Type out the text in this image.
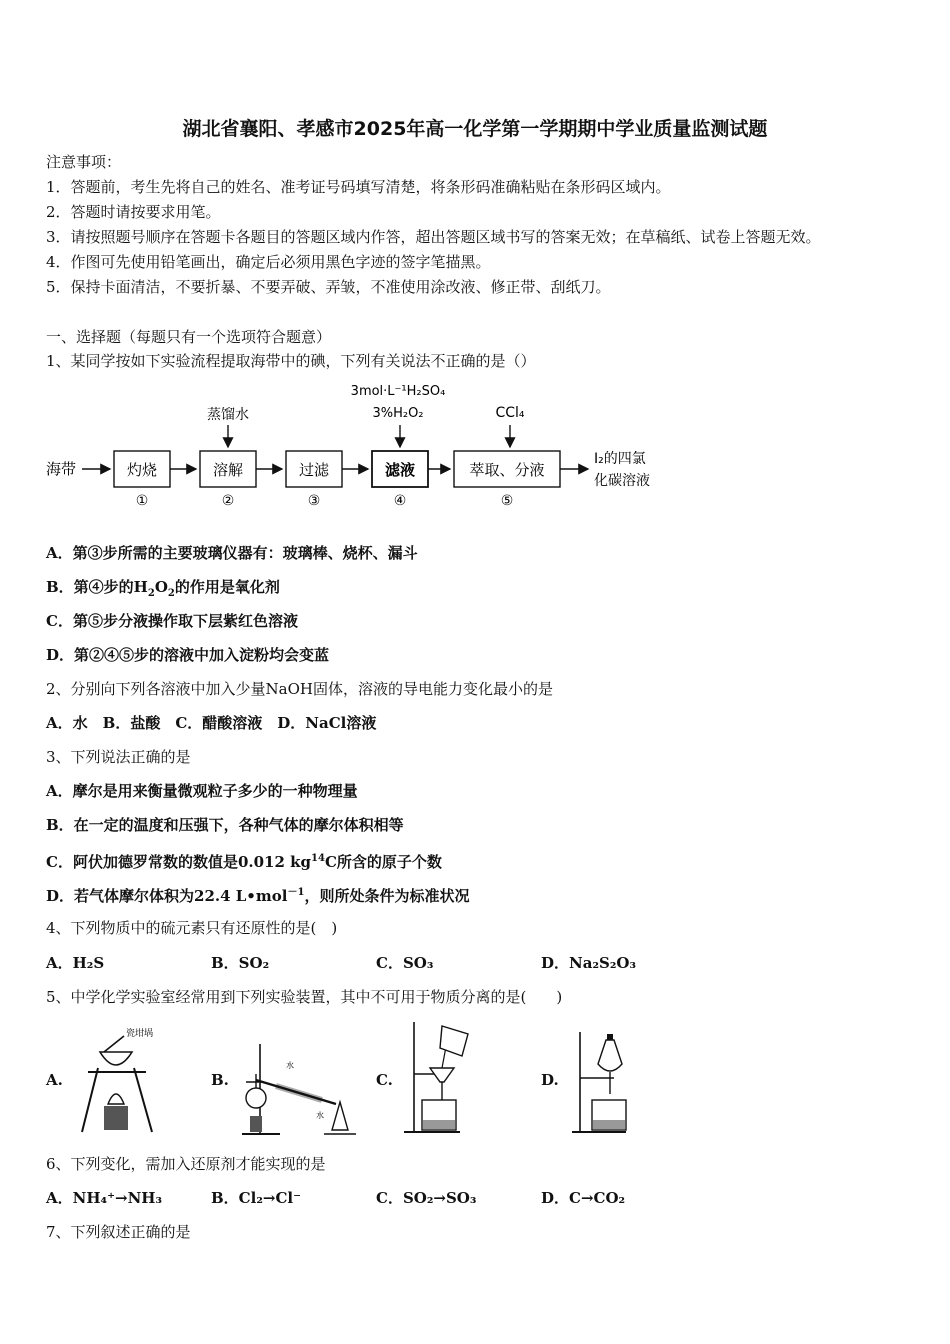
湖北省襄阳、孝感市2025年高一化学第一学期期中学业质量监测试题
注意事项：
1．答题前，考生先将自己的姓名、准考证号码填写清楚，将条形码准确粘贴在条形码区域内。
2．答题时请按要求用笔。
3．请按照题号顺序在答题卡各题目的答题区域内作答，超出答题区域书写的答案无效；在草稿纸、试卷上答题无效。
4．作图可先使用铅笔画出，确定后必须用黑色字迹的签字笔描黑。
5．保持卡面清洁，不要折暴、不要弄破、弄皱，不准使用涂改液、修正带、刮纸刀。
一、选择题（每题只有一个选项符合题意）
1、某同学按如下实验流程提取海带中的碘，下列有关说法不正确的是（）
海带	灼烧
①
溶解
②
蒸馏水
过滤
③
滤液
④
3mol·L⁻¹H₂SO₄
3%H₂O₂
萃取、分液
⑤
CCl₄
I₂的四氯
化碳溶液
A．第③步所需的主要玻璃仪器有：玻璃棒、烧杯、漏斗
B．第④步的$H_2O_2$的作用是氧化剂
C．第⑤步分液操作取下层紫红色溶液
D．第②④⑤步的溶液中加入淀粉均会变蓝
2、分别向下列各溶液中加入少量NaOH固体，溶液的导电能力变化最小的是
A．水　B．盐酸　C．醋酸溶液　D．NaCl溶液
3、下列说法正确的是
A．摩尔是用来衡量微观粒子多少的一种物理量
B．在一定的温度和压强下，各种气体的摩尔体积相等
C．阿伏加德罗常数的数值是0.012 $kg^{14}C$所含的原子个数
D．若气体摩尔体积为22.4 L•mol$^{-1}$，则所处条件为标准状况
4、下列物质中的硫元素只有还原性的是(　)
A．H₂S	B．SO₂	C．SO₃	D．Na₂S₂O₃
5、中学化学实验室经常用到下列实验装置，其中不可用于物质分离的是(　　)
A.
瓷坩埚
B.
水
水
C.	D.
6、下列变化，需加入还原剂才能实现的是
A．NH₄⁺→NH₃	B．Cl₂→Cl⁻	C．SO₂→SO₃	D．C→CO₂
7、下列叙述正确的是
